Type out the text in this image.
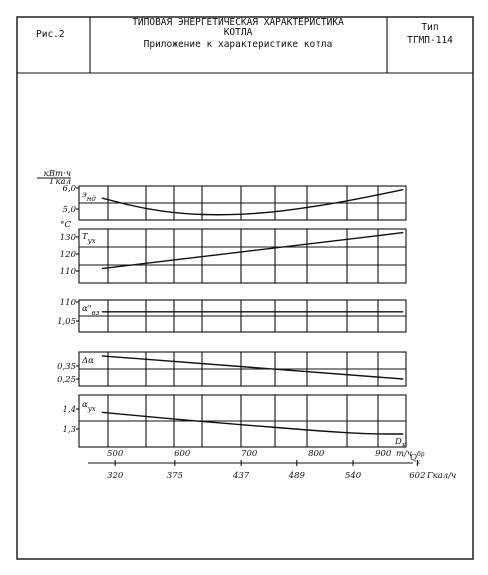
Рис.2
ТИПОВАЯ ЭНЕРГЕТИЧЕСКАЯ ХАРАКТЕРИСТИКА
КОТЛА
Приложение к характеристике котла
Тип
ТГМП-114
6,0
5,0
$э_{нд}$
кВт·ч
Гкал
130
120
110
$Т_{ух}$
°С
110
1,05
$\alpha"_{вз}$
0,35
0,25
Δα
1,4
1,3
$\alpha_{ух}$
500	600	700	800	900
$D_к$
т/ч
320	375	437	489	540	602
$Q^{бр}$ к
Гкал/ч
